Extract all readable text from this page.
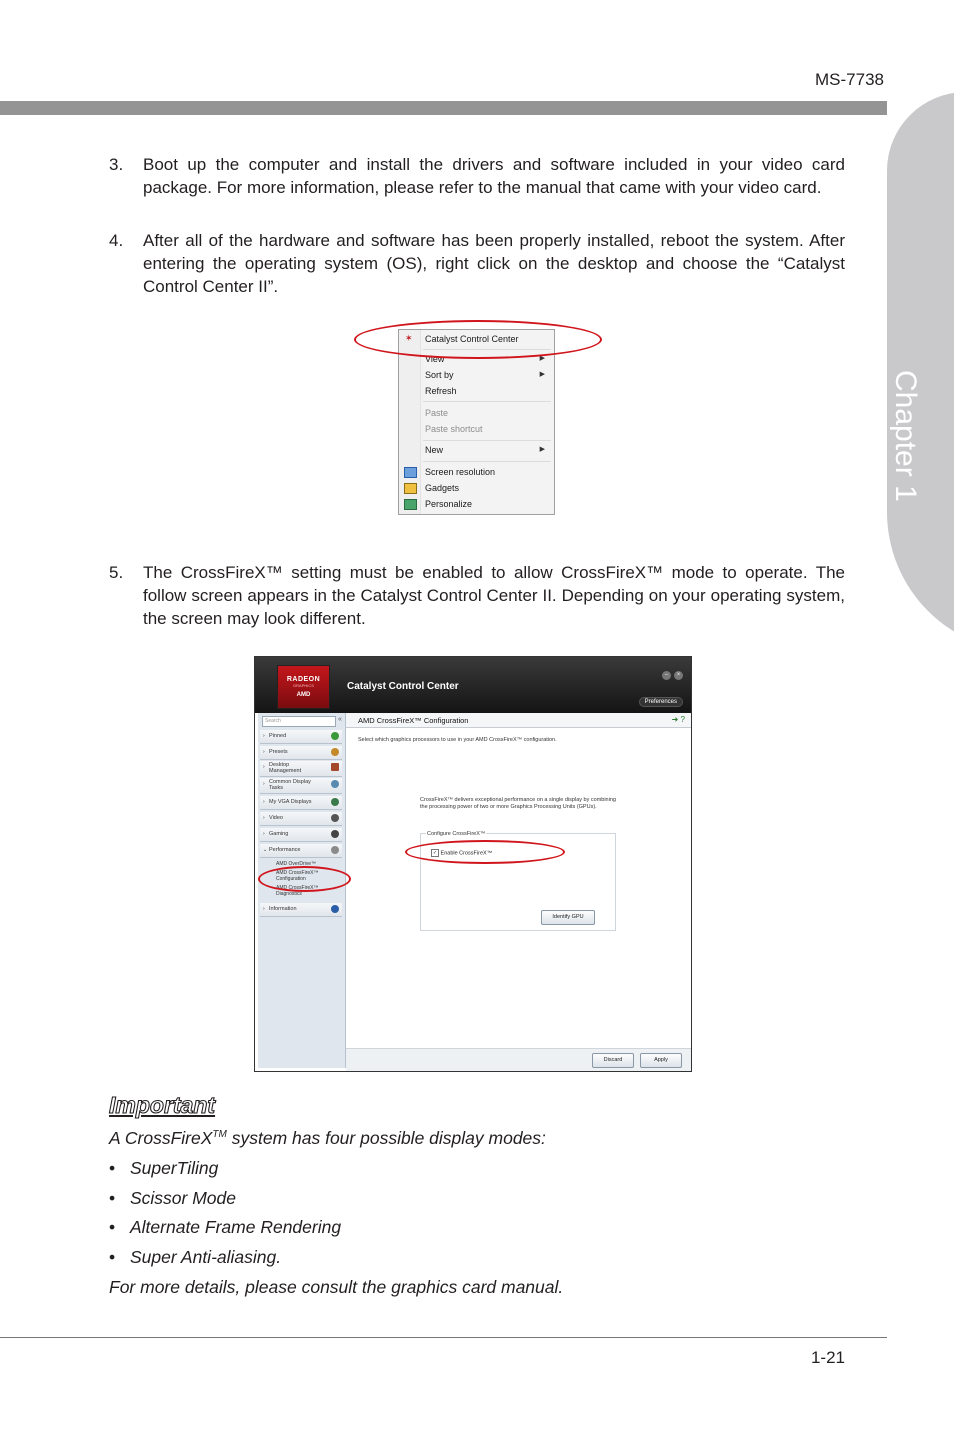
MS-7738
Chapter 1
3. Boot up the computer and install the drivers and software included in your video card package. For more information, please refer to the manual that came with your video card.
4. After all of the hardware and software has been properly installed, reboot the system. After entering the operating system (OS), right click on the desktop and choose the “Catalyst Control Center II”.
✶ Catalyst Control Center
View	▶
Sort by	▶
Refresh
Paste
Paste shortcut
New	▶
Screen resolution
Gadgets
Personalize
5. The CrossFireX™ setting must be enabled to allow CrossFireX™ mode to operate. The follow screen appears in the Catalyst Control Center II. Depending on your operating system, the screen may look different.
RADEON
GRAPHICS
AMD
Catalyst Control Center
– ×
Preferences
Search	«
› Pinned
› Presets
› Desktop Management
› Common Display Tasks
› My VGA Displays
› Video
› Gaming
⌄ Performance
AMD OverDrive™
AMD CrossFireX™ Configuration
AMD CrossFireX™ Diagnostics
› Information
AMD CrossFireX™ Configuration	➜ ?
Select which graphics processors to use in your AMD CrossFireX™ configuration.
CrossFireX™ delivers exceptional performance on a single display by combining the processing power of two or more Graphics Processing Units (GPUs).
Configure CrossFireX™
✓ Enable CrossFireX™
Identify GPU
Discard	Apply
Important
A CrossFireX™ system has four possible display modes:
• SuperTiling
• Scissor Mode
• Alternate Frame Rendering
• Super Anti-aliasing.
For more details, please consult the graphics card manual.
1-21
